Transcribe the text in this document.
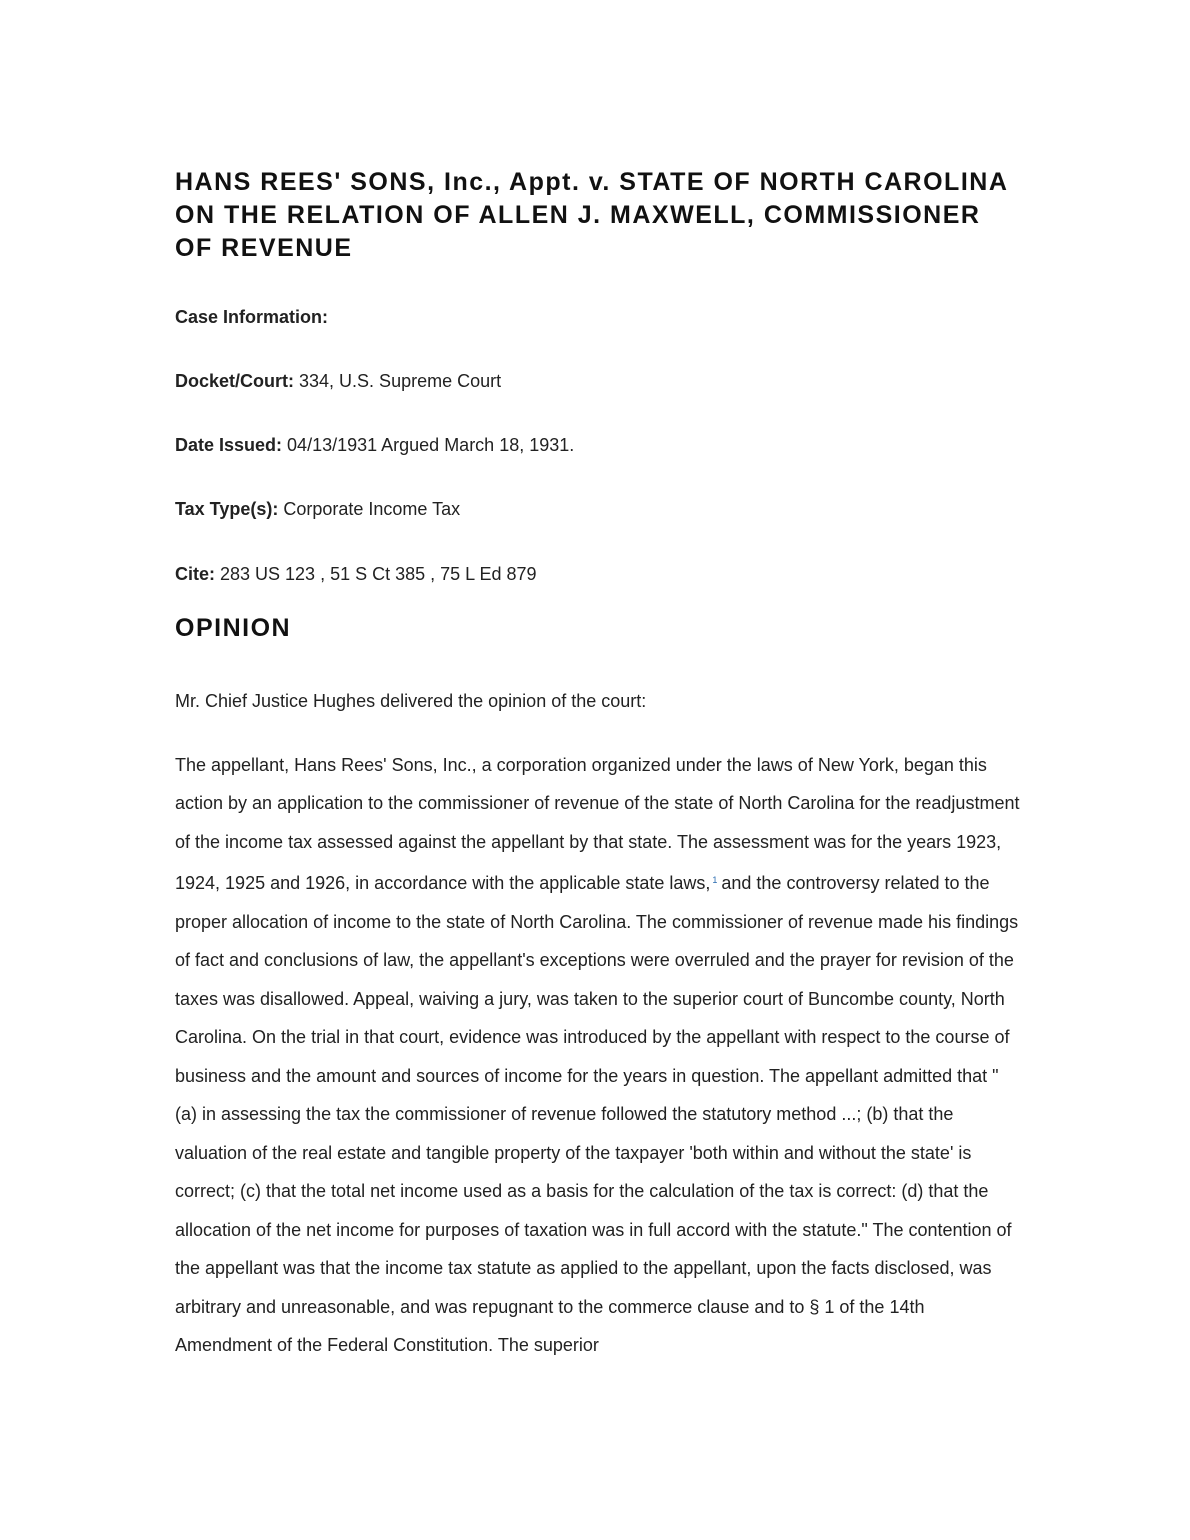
HANS REES' SONS, Inc., Appt. v. STATE OF NORTH CAROLINA ON THE RELATION OF ALLEN J. MAXWELL, COMMISSIONER OF REVENUE

Case Information:

Docket/Court: 334, U.S. Supreme Court

Date Issued: 04/13/1931 Argued March 18, 1931.

Tax Type(s): Corporate Income Tax

Cite: 283 US 123 , 51 S Ct 385 , 75 L Ed 879

OPINION

Mr. Chief Justice Hughes delivered the opinion of the court:

The appellant, Hans Rees' Sons, Inc., a corporation organized under the laws of New York, began this action by an application to the commissioner of revenue of the state of North Carolina for the readjustment of the income tax assessed against the appellant by that state. The assessment was for the years 1923, 1924, 1925 and 1926, in accordance with the applicable state laws, $^1$ and the controversy related to the proper allocation of income to the state of North Carolina. The commissioner of revenue made his findings of fact and conclusions of law, the appellant's exceptions were overruled and the prayer for revision of the taxes was disallowed. Appeal, waiving a jury, was taken to the superior court of Buncombe county, North Carolina. On the trial in that court, evidence was introduced by the appellant with respect to the course of business and the amount and sources of income for the years in question. The appellant admitted that "(a) in assessing the tax the commissioner of revenue followed the statutory method ...; (b) that the valuation of the real estate and tangible property of the taxpayer 'both within and without the state' is correct; (c) that the total net income used as a basis for the calculation of the tax is correct: (d) that the allocation of the net income for purposes of taxation was in full accord with the statute." The contention of the appellant was that the income tax statute as applied to the appellant, upon the facts disclosed, was arbitrary and unreasonable, and was repugnant to the commerce clause and to § 1 of the 14th Amendment of the Federal Constitution. The superior
